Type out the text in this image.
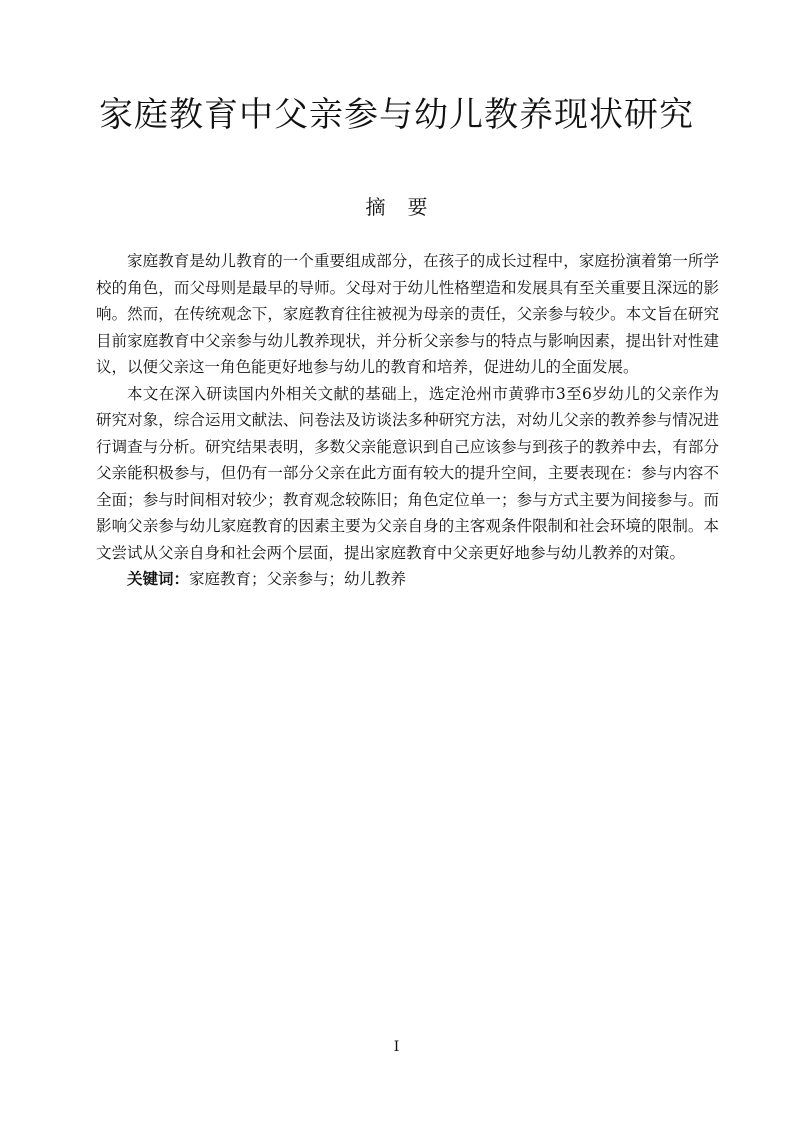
家庭教育中父亲参与幼儿教养现状研究
摘要

家庭教育是幼儿教育的一个重要组成部分，在孩子的成长过程中，家庭扮演着第一所学校的角色，而父母则是最早的导师。父母对于幼儿性格塑造和发展具有至关重要且深远的影响。然而，在传统观念下，家庭教育往往被视为母亲的责任，父亲参与较少。本文旨在研究目前家庭教育中父亲参与幼儿教养现状，并分析父亲参与的特点与影响因素，提出针对性建议，以便父亲这一角色能更好地参与幼儿的教育和培养，促进幼儿的全面发展。

本文在深入研读国内外相关文献的基础上，选定沧州市黄骅市3至6岁幼儿的父亲作为研究对象，综合运用文献法、问卷法及访谈法多种研究方法，对幼儿父亲的教养参与情况进行调查与分析。研究结果表明，多数父亲能意识到自己应该参与到孩子的教养中去，有部分父亲能积极参与，但仍有一部分父亲在此方面有较大的提升空间，主要表现在：参与内容不全面；参与时间相对较少；教育观念较陈旧；角色定位单一；参与方式主要为间接参与。而影响父亲参与幼儿家庭教育的因素主要为父亲自身的主客观条件限制和社会环境的限制。本文尝试从父亲自身和社会两个层面，提出家庭教育中父亲更好地参与幼儿教养的对策。

关键词：家庭教育；父亲参与；幼儿教养

I
